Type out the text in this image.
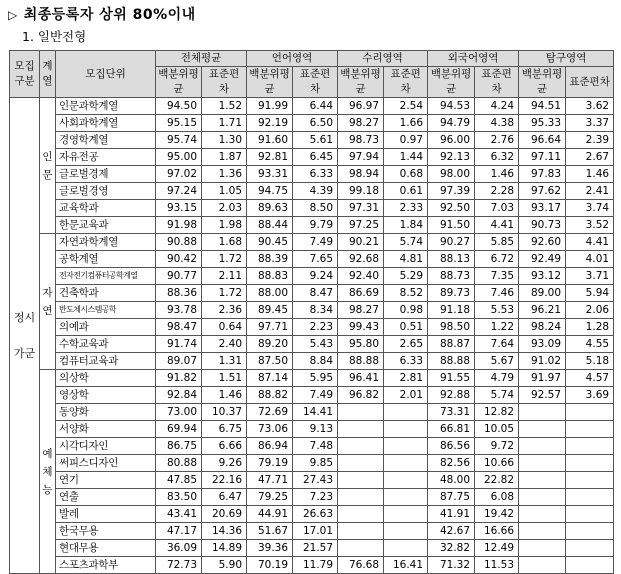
▷ 최종등록자 상위 80%이내
1. 일반전형
모집구분	계열	모집단위	전체평균		언어영역		수리영역		외국어영역		탐구영역	
			백분위평균	표준편차	백분위평균	표준편차	백분위평균	표준편차	백분위평균	표준편차	백분위평균	표준편차
정시 가군	인문	인문과학계열	94.50	1.52	91.99	6.44	96.97	2.54	94.53	4.24	94.51	3.62
		사회과학계열	95.15	1.71	92.19	6.50	98.27	1.66	94.79	4.38	95.33	3.37
		경영학계열	95.74	1.30	91.60	5.61	98.73	0.97	96.00	2.76	96.64	2.39
		자유전공	95.00	1.87	92.81	6.45	97.94	1.44	92.13	6.32	97.11	2.67
		글로벌경제	97.02	1.36	93.31	6.33	98.94	0.68	98.00	1.46	97.83	1.46
		글로벌경영	97.24	1.05	94.75	4.39	99.18	0.61	97.39	2.28	97.62	2.41
		교육학과	93.15	2.03	89.63	8.50	97.31	2.33	92.50	7.03	93.17	3.74
		한문교육과	91.98	1.98	88.44	9.79	97.25	1.84	91.50	4.41	90.73	3.52
	자연	자연과학계열	90.88	1.68	90.45	7.49	90.21	5.74	90.27	5.85	92.60	4.41
		공학계열	90.42	1.72	88.39	7.65	92.68	4.81	88.13	6.72	92.49	4.01
		전자전기컴퓨터공학계열	90.77	2.11	88.83	9.24	92.40	5.29	88.73	7.35	93.12	3.71
		건축학과	88.36	1.72	88.00	8.47	86.69	8.52	89.73	7.46	89.00	5.94
		반도체시스템공학	93.78	2.36	89.45	8.34	98.27	0.98	91.18	5.53	96.21	2.06
		의예과	98.47	0.64	97.71	2.23	99.43	0.51	98.50	1.22	98.24	1.28
		수학교육과	91.74	2.40	89.20	5.43	95.80	2.65	88.87	7.64	93.09	4.55
		컴퓨터교육과	89.07	1.31	87.50	8.84	88.88	6.33	88.88	5.67	91.02	5.18
	예체능	의상학	91.82	1.51	87.14	5.95	96.41	2.81	91.55	4.79	91.97	4.57
		영상학	92.84	1.46	88.82	7.49	96.82	2.01	92.88	5.74	92.57	3.69
		동양화	73.00	10.37	72.69	14.41			73.31	12.82		
		서양화	69.94	6.75	73.06	9.13			66.81	10.05		
		시각디자인	86.75	6.66	86.94	7.48			86.56	9.72		
		써피스디자인	80.88	9.26	79.19	9.85			82.56	10.66		
		연기	47.85	22.16	47.71	27.43			48.00	22.82		
		연출	83.50	6.47	79.25	7.23			87.75	6.08		
		발레	43.41	20.69	44.91	26.63			41.91	19.42		
		한국무용	47.17	14.36	51.67	17.01			42.67	16.66		
		현대무용	36.09	14.89	39.36	21.57			32.82	12.49		
		스포츠과학부	72.73	5.90	70.19	11.79	76.68	16.41	71.32	11.53		
